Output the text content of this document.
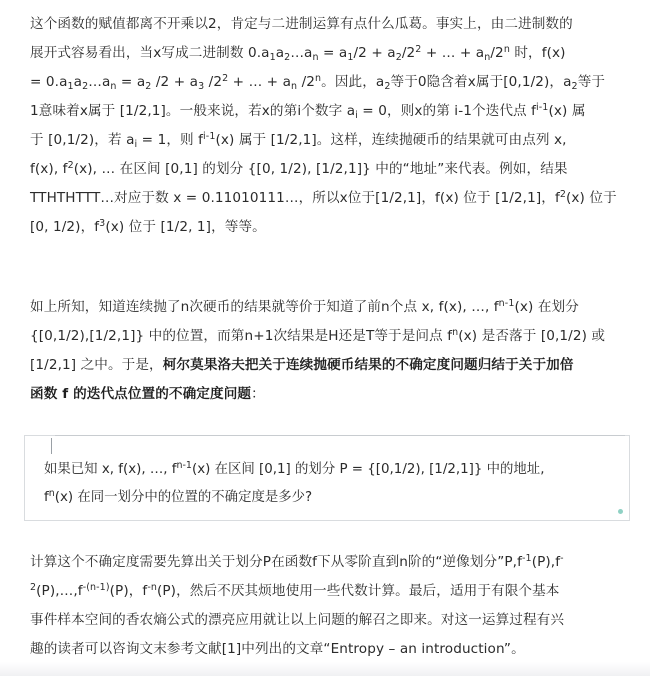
这个函数的赋值都离不开乘以2，肯定与二进制运算有点什么瓜葛。事实上，由二进制数的
展开式容易看出，当x写成二进制数 $0.a_1a_2\dots a_n = a_1/2 + a_2/2^2$ + … + $a_n/2^n$ 时，f(x)
= $0.a_1a_2\dots a_n = a_2$ $/2 + a_3$ $/2^2$ + … + $a_n$ /2$^n$。因此，$a_2$等于0隐含着x属于[0,1/2)，$a_2$等于
1意味着x属于 [1/2,1]。一般来说，若x的第i个数字 $a_i = 0$，则x的第 i-1个迭代点 $f^{i-1}(x)$ 属
于 [0,1/2)，若 $a_i = 1$，则 $f^{i-1}(x)$ 属于 [1/2,1]。这样，连续抛硬币的结果就可由点列 x,
f(x), $f^2(x)$, … 在区间 [0,1] 的划分 {[0, 1/2), [1/2,1]} 中的“地址”来代表。例如，结果
TTHTHTTT…对应于数 x = 0.11010111…，所以x位于[1/2,1]，f(x) 位于 [1/2,1]，$f^2(x)$ 位于
[0, 1/2)，$f^3(x)$ 位于 [1/2, 1]，等等。
如上所知，知道连续抛了n次硬币的结果就等价于知道了前n个点 x, f(x), …, $f^{n-1}(x)$ 在划分
{[0,1/2),[1/2,1]} 中的位置，而第n+1次结果是H还是T等于是问点 $f^n(x)$ 是否落于 [0,1/2) 或
[1/2,1] 之中。于是，柯尔莫果洛夫把关于连续抛硬币结果的不确定度问题归结于关于加倍
函数 f 的迭代点位置的不确定度问题：
如果已知 x, f(x), …, $f^{n-1}(x)$ 在区间 [0,1] 的划分 P = {[0,1/2), [1/2,1]} 中的地址,
$f^n(x)$ 在同一划分中的位置的不确定度是多少?
计算这个不确定度需要先算出关于划分P在函数f下从零阶直到n阶的“逆像划分$”P,f^{-1}(P),f^-$
$^2(P),\dots,f^{-(n-1)}(P)$，$f^{-n}(P)$，然后不厌其烦地使用一些代数计算。最后，适用于有限个基本
事件样本空间的香农熵公式的漂亮应用就让以上问题的解召之即来。对这一运算过程有兴
趣的读者可以咨询文末参考文献[1]中列出的文章“Entropy – an introduction”。
